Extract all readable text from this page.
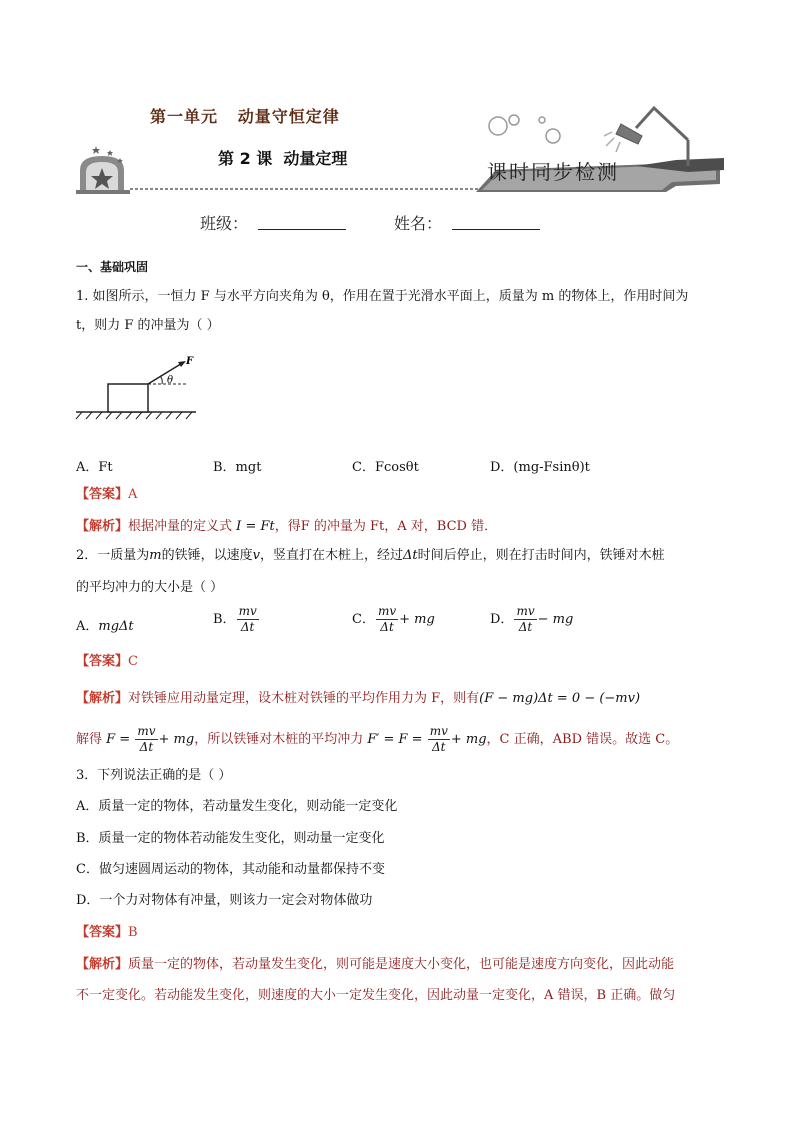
第一单元   动量守恒定律
第 2 课  动量定理
课时同步检测
班级：	姓名：
一、基础巩固
1. 如图所示，一恒力 F 与水平方向夹角为 θ，作用在置于光滑水平面上，质量为 m 的物体上，作用时间为
t，则力 F 的冲量为（ ）
F
θ
A．Ft	B．mgt	C．Fcosθt	D．(mg-Fsinθ)t
【答案】A
【解析】根据冲量的定义式 I = Ft，得F 的冲量为 Ft，A 对，BCD 错．
2．一质量为m的铁锤，以速度v，竖直打在木桩上，经过Δt时间后停止，则在打击时间内，铁锤对木桩
的平均冲力的大小是（ ）
A．mgΔt	B． $\frac{mv}{\Delta t}$	C． $\frac{mv}{\Delta t}$ + mg	D． $\frac{mv}{\Delta t}$ − mg
【答案】C
【解析】对铁锤应用动量定理，设木桩对铁锤的平均作用力为 F，则有(F − mg)Δt = 0 − (−mv)
解得 $F = \frac{mv}{\Delta t}$ + mg，所以铁锤对木桩的平均冲力 $F' = F = \frac{mv}{\Delta t}$ + mg，C 正确，ABD 错误。故选 C。
3．下列说法正确的是（ ）
A．质量一定的物体，若动量发生变化，则动能一定变化
B．质量一定的物体若动能发生变化，则动量一定变化
C．做匀速圆周运动的物体，其动能和动量都保持不变
D．一个力对物体有冲量，则该力一定会对物体做功
【答案】B
【解析】质量一定的物体，若动量发生变化，则可能是速度大小变化，也可能是速度方向变化，因此动能
不一定变化。若动能发生变化，则速度的大小一定发生变化，因此动量一定变化，A 错误，B 正确。做匀
